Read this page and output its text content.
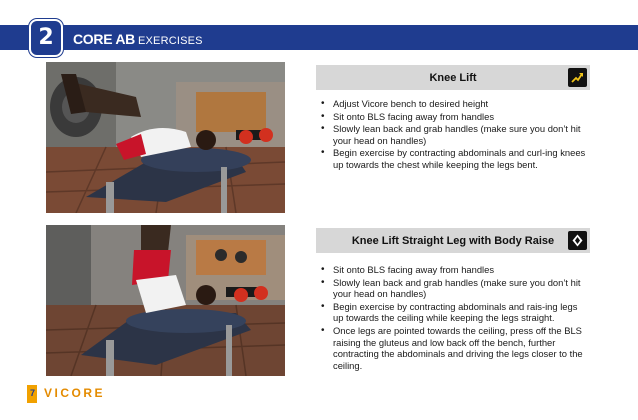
2 CORE AB EXERCISES
Knee Lift
• Adjust Vicore bench to desired height
• Sit onto BLS facing away from handles
• Slowly lean back and grab handles (make sure you don’t hit your head on handles)
• Begin exercise by contracting abdominals and curl-ing knees up towards the chest while keeping the legs bent.
Knee Lift Straight Leg with Body Raise
• Sit onto BLS facing away from handles
• Slowly lean back and grab handles (make sure you don’t hit your head on handles)
• Begin exercise by contracting abdominals and rais-ing legs up towards the ceiling while keeping the legs straight.
• Once legs are pointed towards the ceiling, press off the BLS raising the gluteus and low back off the bench, further contracting the abdominals and driving the legs closer to the ceiling.
7 VICORE
